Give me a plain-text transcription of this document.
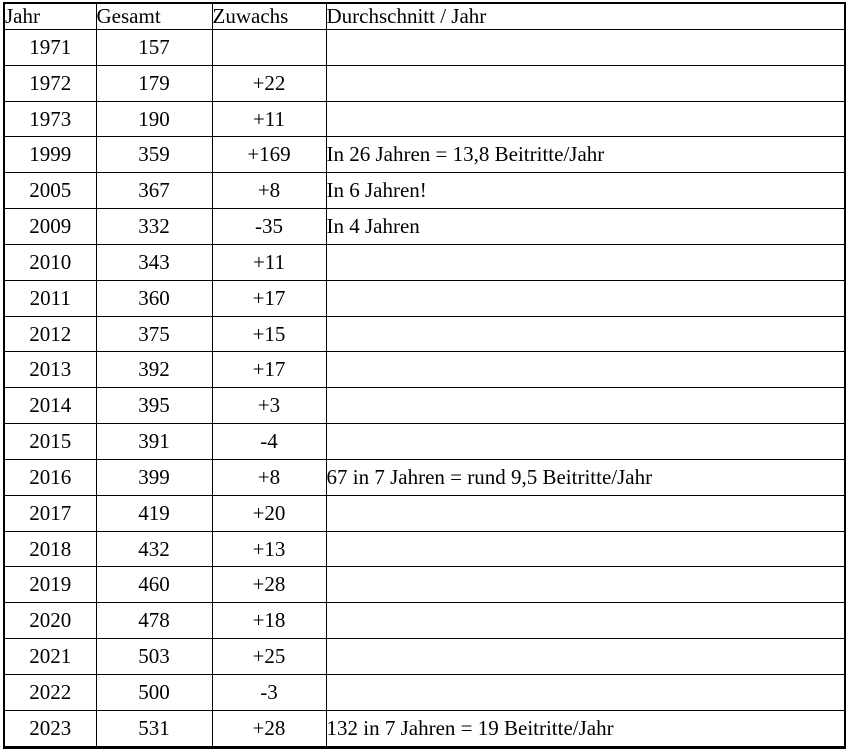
Jahr	Gesamt	Zuwachs	Durchschnitt / Jahr
1971	157		
1972	179	+22	
1973	190	+11	
1999	359	+169	In 26 Jahren = 13,8 Beitritte/Jahr
2005	367	+8	In 6 Jahren!
2009	332	-35	In 4 Jahren
2010	343	+11	
2011	360	+17	
2012	375	+15	
2013	392	+17	
2014	395	+3	
2015	391	-4	
2016	399	+8	67 in 7 Jahren = rund 9,5 Beitritte/Jahr
2017	419	+20	
2018	432	+13	
2019	460	+28	
2020	478	+18	
2021	503	+25	
2022	500	-3	
2023	531	+28	132 in 7 Jahren = 19 Beitritte/Jahr
